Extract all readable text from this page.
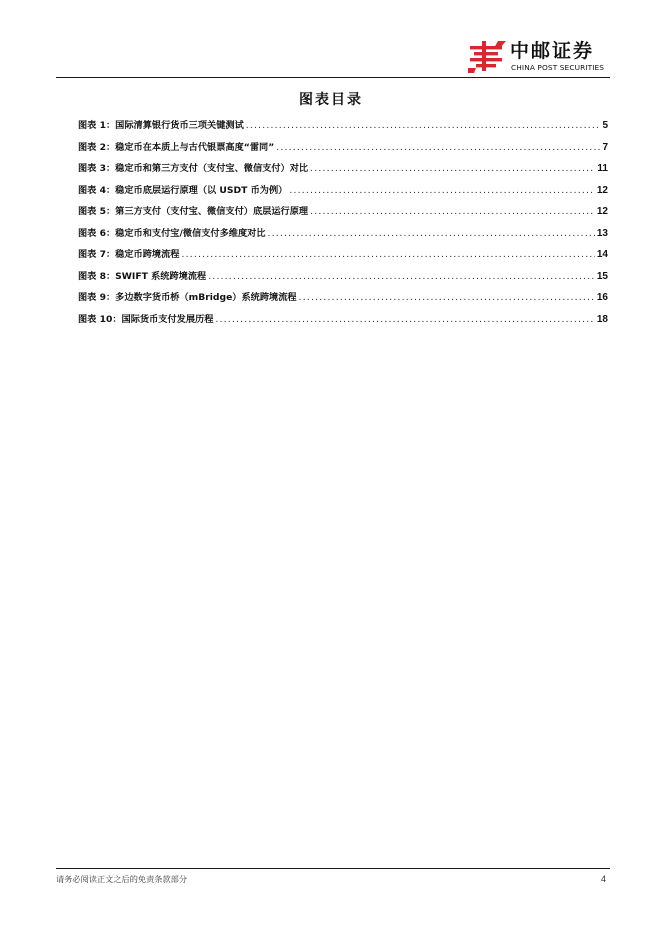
中邮证券
CHINA POST SECURITIES
图表目录
图表 1： 国际清算银行货币三项关键测试 .....	5
图表 2： 稳定币在本质上与古代银票高度“雷同” .....	7
图表 3： 稳定币和第三方支付（支付宝、微信支付）对比 .....	11
图表 4： 稳定币底层运行原理（以 USDT 币为例） .....	12
图表 5： 第三方支付（支付宝、微信支付）底层运行原理 .....	12
图表 6： 稳定币和支付宝/微信支付多维度对比 .....	13
图表 7： 稳定币跨境流程 .....	14
图表 8： SWIFT 系统跨境流程 .....	15
图表 9： 多边数字货币桥（mBridge）系统跨境流程 .....	16
图表 10： 国际货币支付发展历程 .....	18
请务必阅读正文之后的免责条款部分	4
